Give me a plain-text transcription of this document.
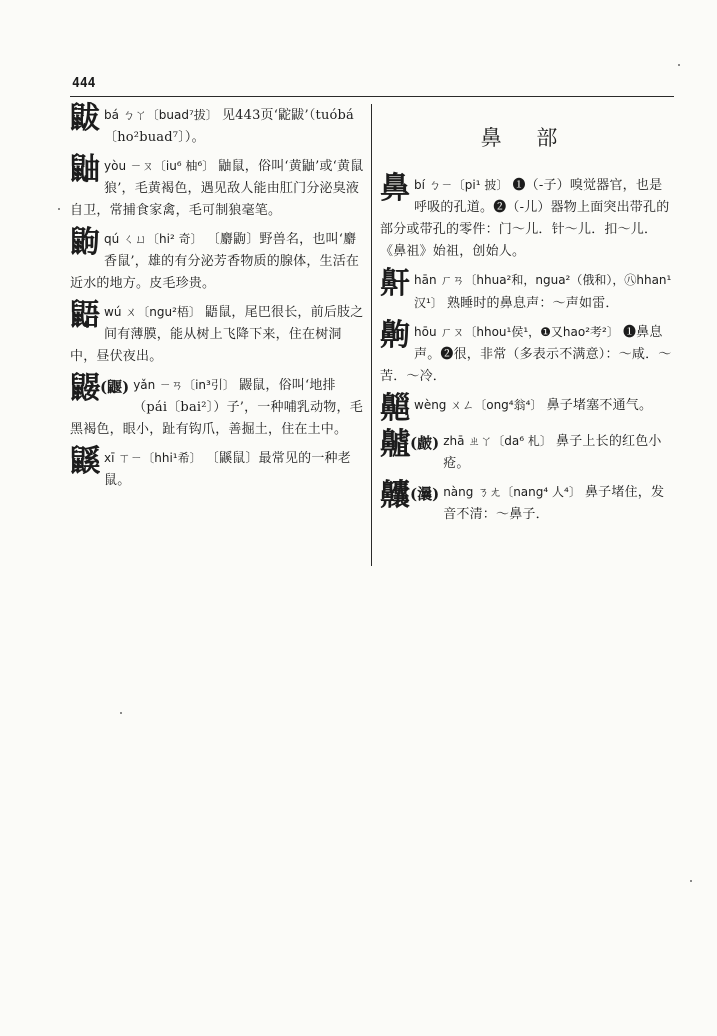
444
鼥bá ㄅㄚ〔buad⁷拔〕 见443页‘鼧鼥’（tuóbá〔ho²buad⁷〕）。
鼬yòu ㄧㄡ〔iu⁶ 柚⁶〕 鼬鼠，俗叫‘黄鼬’或‘黄鼠狼’，毛黄褐色，遇见敌人能由肛门分泌臭液自卫，常捕食家禽，毛可制狼毫笔。
鼩qú ㄑㄩ〔hi² 奇〕 〔麝鼩〕野兽名，也叫‘麝香鼠’，雄的有分泌芳香物质的腺体，生活在近水的地方。皮毛珍贵。
鼯wú ㄨ〔ngu²梧〕 鼯鼠，尾巴很长，前后肢之间有薄膜，能从树上飞降下来，住在树洞中，昼伏夜出。
鼹(鼴) yǎn ㄧㄢ〔in³引〕 鼹鼠，俗叫‘地排（pái〔bai²〕）子’，一种哺乳动物，毛黑褐色，眼小，趾有钩爪，善掘土，住在土中。
鼷xī ㄒㄧ〔hhi¹希〕 〔鼷鼠〕最常见的一种老鼠。
鼻 部
鼻bí ㄅㄧ〔pi¹ 披〕 ❶（-子）嗅觉器官，也是呼吸的孔道。❷（-儿）器物上面突出带孔的部分或带孔的零件：门～儿．针～儿．扣～儿．《鼻祖》始祖，创始人。
鼾hān ㄏㄢ〔hhua²和，ngua²（俄和），㊇hhan¹汉¹〕 熟睡时的鼻息声：～声如雷．
齁hōu ㄏㄡ〔hhou¹侯¹，❶又hao²考²〕 ❶鼻息声。❷很，非常（多表示不满意）：～咸．～苦．～冷．
齆wèng ㄨㄥ〔ong⁴翁⁴〕 鼻子堵塞不通气。
齇(皻) zhā ㄓㄚ〔da⁶ 札〕 鼻子上长的红色小疮。
齉(㶞) nàng ㄋㄤ〔nang⁴ 人⁴〕 鼻子堵住，发音不清：～鼻子．
